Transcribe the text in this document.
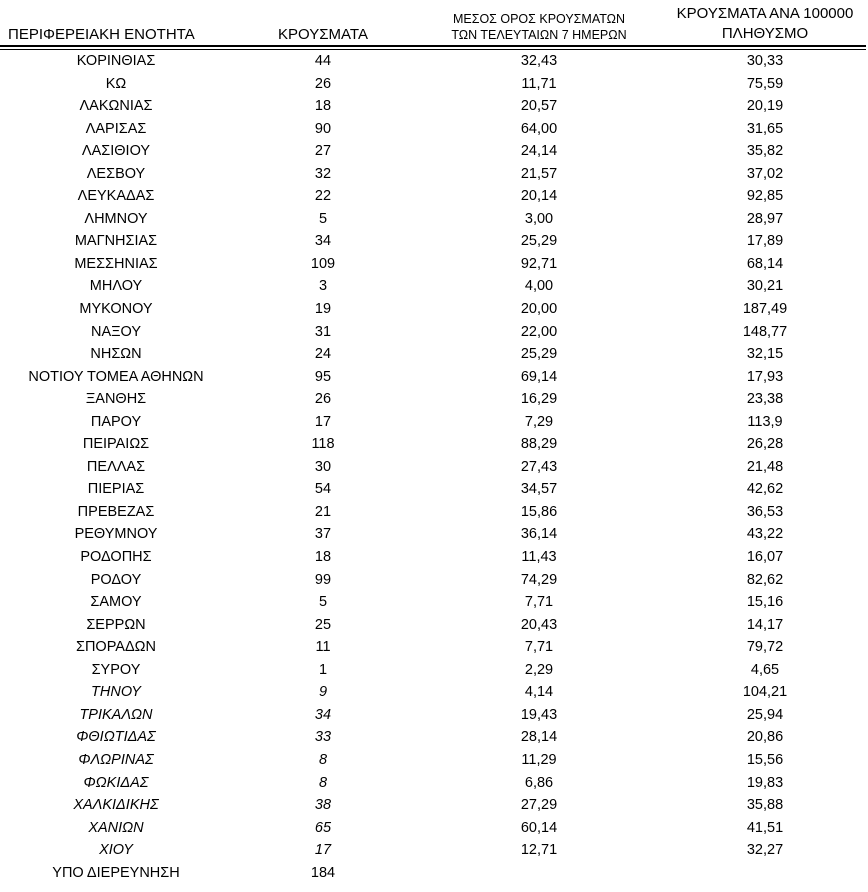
ΠΕΡΙΦΕΡΕΙΑΚΗ ΕΝΟΤΗΤΑ	ΚΡΟΥΣΜΑΤΑ	ΜΕΣΟΣ ΟΡΟΣ ΚΡΟΥΣΜΑΤΩΝ
ΤΩΝ ΤΕΛΕΥΤΑΙΩΝ 7 ΗΜΕΡΩΝ	ΚΡΟΥΣΜΑΤΑ ΑΝΑ 100000
ΠΛΗΘΥΣΜΟ

ΚΟΡΙΝΘΙΑΣ	44	32,43	30,33
ΚΩ	26	11,71	75,59
ΛΑΚΩΝΙΑΣ	18	20,57	20,19
ΛΑΡΙΣΑΣ	90	64,00	31,65
ΛΑΣΙΘΙΟΥ	27	24,14	35,82
ΛΕΣΒΟΥ	32	21,57	37,02
ΛΕΥΚΑΔΑΣ	22	20,14	92,85
ΛΗΜΝΟΥ	5	3,00	28,97
ΜΑΓΝΗΣΙΑΣ	34	25,29	17,89
ΜΕΣΣΗΝΙΑΣ	109	92,71	68,14
ΜΗΛΟΥ	3	4,00	30,21
ΜΥΚΟΝΟΥ	19	20,00	187,49
ΝΑΞΟΥ	31	22,00	148,77
ΝΗΣΩΝ	24	25,29	32,15
ΝΟΤΙΟΥ ΤΟΜΕΑ ΑΘΗΝΩΝ	95	69,14	17,93
ΞΑΝΘΗΣ	26	16,29	23,38
ΠΑΡΟΥ	17	7,29	113,9
ΠΕΙΡΑΙΩΣ	118	88,29	26,28
ΠΕΛΛΑΣ	30	27,43	21,48
ΠΙΕΡΙΑΣ	54	34,57	42,62
ΠΡΕΒΕΖΑΣ	21	15,86	36,53
ΡΕΘΥΜΝΟΥ	37	36,14	43,22
ΡΟΔΟΠΗΣ	18	11,43	16,07
ΡΟΔΟΥ	99	74,29	82,62
ΣΑΜΟΥ	5	7,71	15,16
ΣΕΡΡΩΝ	25	20,43	14,17
ΣΠΟΡΑΔΩΝ	11	7,71	79,72
ΣΥΡΟΥ	1	2,29	4,65
ΤΗΝΟΥ	9	4,14	104,21
ΤΡΙΚΑΛΩΝ	34	19,43	25,94
ΦΘΙΩΤΙΔΑΣ	33	28,14	20,86
ΦΛΩΡΙΝΑΣ	8	11,29	15,56
ΦΩΚΙΔΑΣ	8	6,86	19,83
ΧΑΛΚΙΔΙΚΗΣ	38	27,29	35,88
ΧΑΝΙΩΝ	65	60,14	41,51
ΧΙΟΥ	17	12,71	32,27
ΥΠΟ ΔΙΕΡΕΥΝΗΣΗ	184		
